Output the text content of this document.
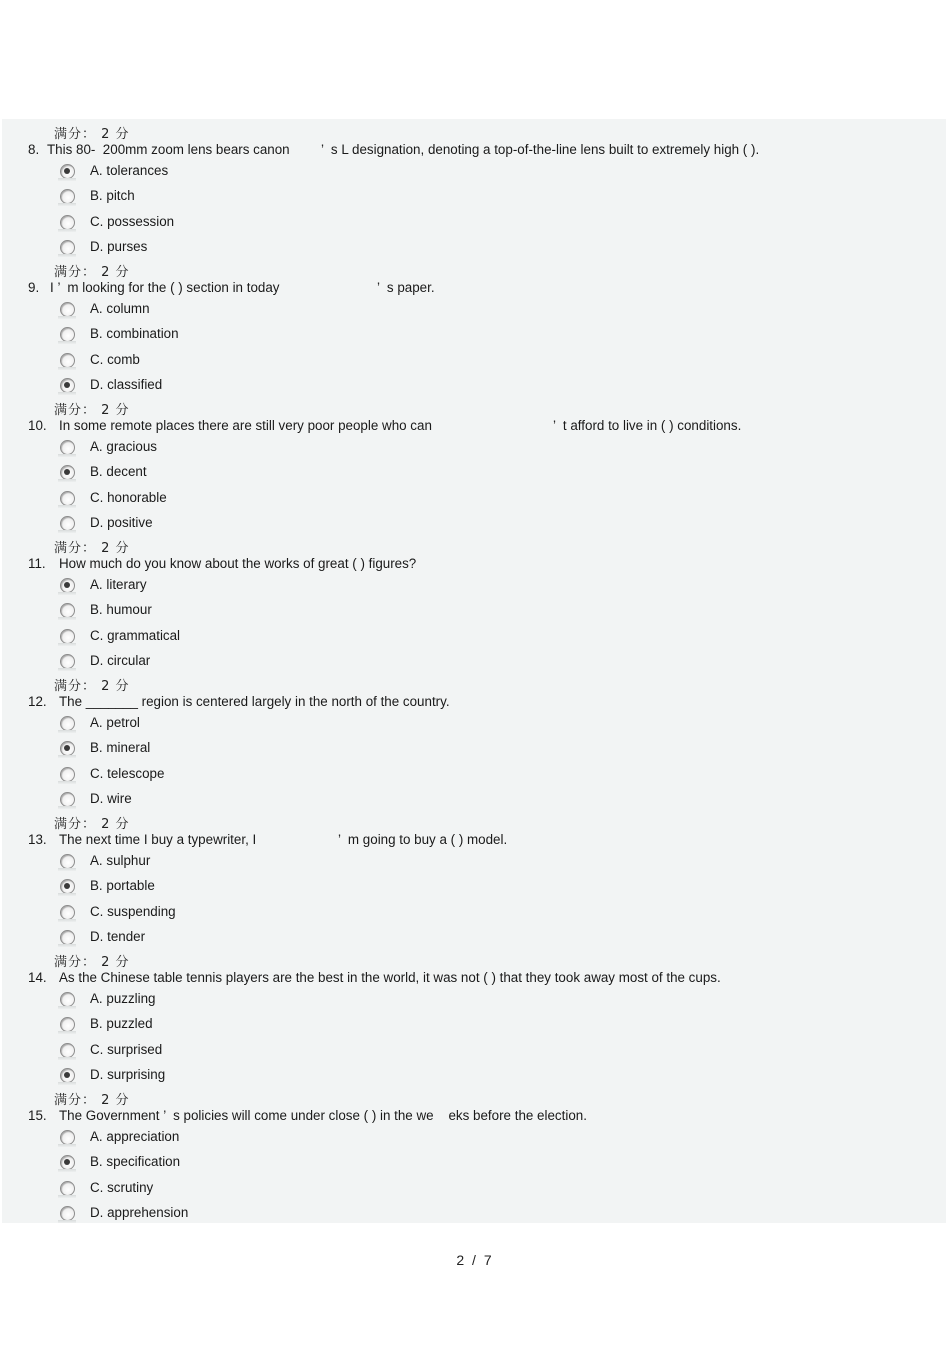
满分： 2 分
8. This 80-  200mm zoom lens bears canon ’  s L designation, denoting a top-of-the-line lens built to extremely high ( ).
A. tolerances
B. pitch
C. possession
D. purses
满分： 2 分
9. I ’  m looking for the ( ) section in today	’  s paper.
A. column
B. combination
C. comb
D. classified
满分： 2 分
10. In some remote places there are still very poor people who can	’  t afford to live in ( ) conditions.
A. gracious
B. decent
C. honorable
D. positive
满分： 2 分
11. How much do you know about the works of great ( ) figures?
A. literary
B. humour
C. grammatical
D. circular
满分： 2 分
12. The _______ region is centered largely in the north of the country.
A. petrol
B. mineral
C. telescope
D. wire
满分： 2 分
13. The next time I buy a typewriter, I	’  m going to buy a ( ) model.
A. sulphur
B. portable
C. suspending
D. tender
满分： 2 分
14. As the Chinese table tennis players are the best in the world, it was not ( ) that they took away most of the cups.
A. puzzling
B. puzzled
C. surprised
D. surprising
满分： 2 分
15. The Government ’  s policies will come under close ( ) in the we    eks before the election.
A. appreciation
B. specification
C. scrutiny
D. apprehension
2 / 7
